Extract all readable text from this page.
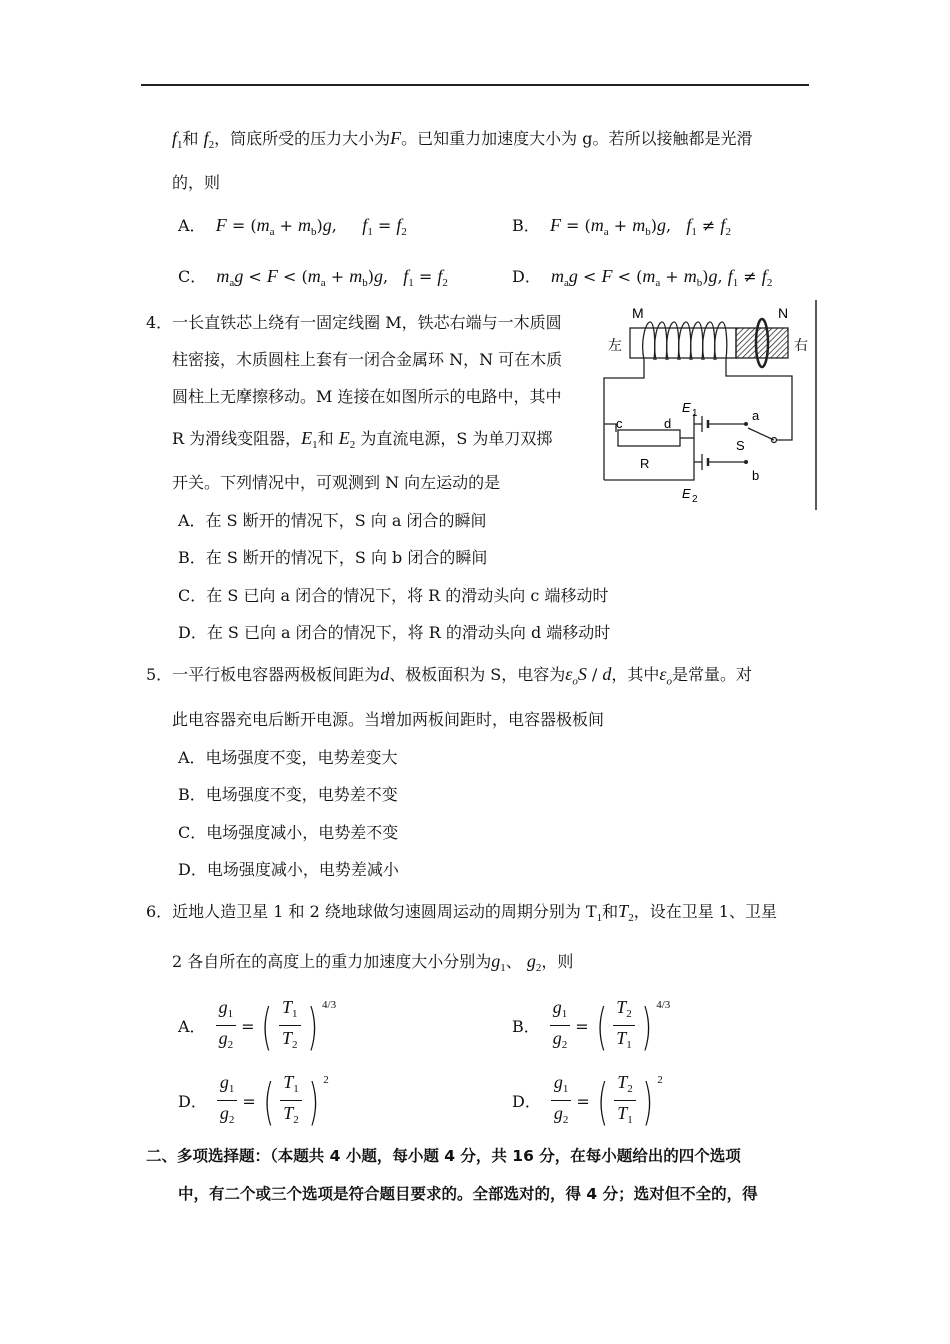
$f_1$和 $f_2$，筒底所受的压力大小为F。已知重力加速度大小为 g。若所以接触都是光滑
的，则
A． $F = (m_a + m_b)g$,     $f_1 = f_2$	B． $F = (m_a + m_b)g$,   $f_1 \ne f_2$
C． $m_ag < F < (m_a + m_b)g$,   $f_1 = f_2$	D． $m_ag < F < (m_a + m_b)g$, $f_1 \ne f_2$
4．一长直铁芯上绕有一固定线圈 M，铁芯右端与一木质圆
柱密接，木质圆柱上套有一闭合金属环 N，N 可在木质
圆柱上无摩擦移动。M 连接在如图所示的电路中，其中
R 为滑线变阻器，$E_1$和 $E_2$ 为直流电源，S 为单刀双掷
开关。下列情况中，可观测到 N 向左运动的是
A．在 S 断开的情况下，S 向 a 闭合的瞬间
B．在 S 断开的情况下，S 向 b 闭合的瞬间
C．在 S 已向 a 闭合的情况下，将 R 的滑动头向 c 端移动时
D．在 S 已向 a 闭合的情况下，将 R 的滑动头向 d 端移动时
M	N
左	右
c	d
R
E 1
E 2
a
S
b
5．一平行板电容器两极板间距为d、极板面积为 S，电容为$\varepsilon_oS$ / d，其中$\varepsilon_o$是常量。对
此电容器充电后断开电源。当增加两板间距时，电容器极板间
A．电场强度不变，电势差变大
B．电场强度不变，电势差不变
C．电场强度减小，电势差不变
D．电场强度减小，电势差减小
6．近地人造卫星 1 和 2 绕地球做匀速圆周运动的周期分别为 $T_1$和$T_2$，设在卫星 1、卫星
2 各自所在的高度上的重力加速度大小分别为$g_1$、 $g_2$，则
A． $\frac{g_1}{g_2}$ = ( $\frac{T_1}{T_2}$ ) 4/3
B． $\frac{g_1}{g_2}$ = ( $\frac{T_2}{T_1}$ ) 4/3
D． $\frac{g_1}{g_2}$ = ( $\frac{T_1}{T_2}$ ) 2
D． $\frac{g_1}{g_2}$ = ( $\frac{T_2}{T_1}$ ) 2
二、多项选择题：（本题共 4 小题，每小题 4 分，共 16 分，在每小题给出的四个选项
中，有二个或三个选项是符合题目要求的。全部选对的，得 4 分；选对但不全的，得
